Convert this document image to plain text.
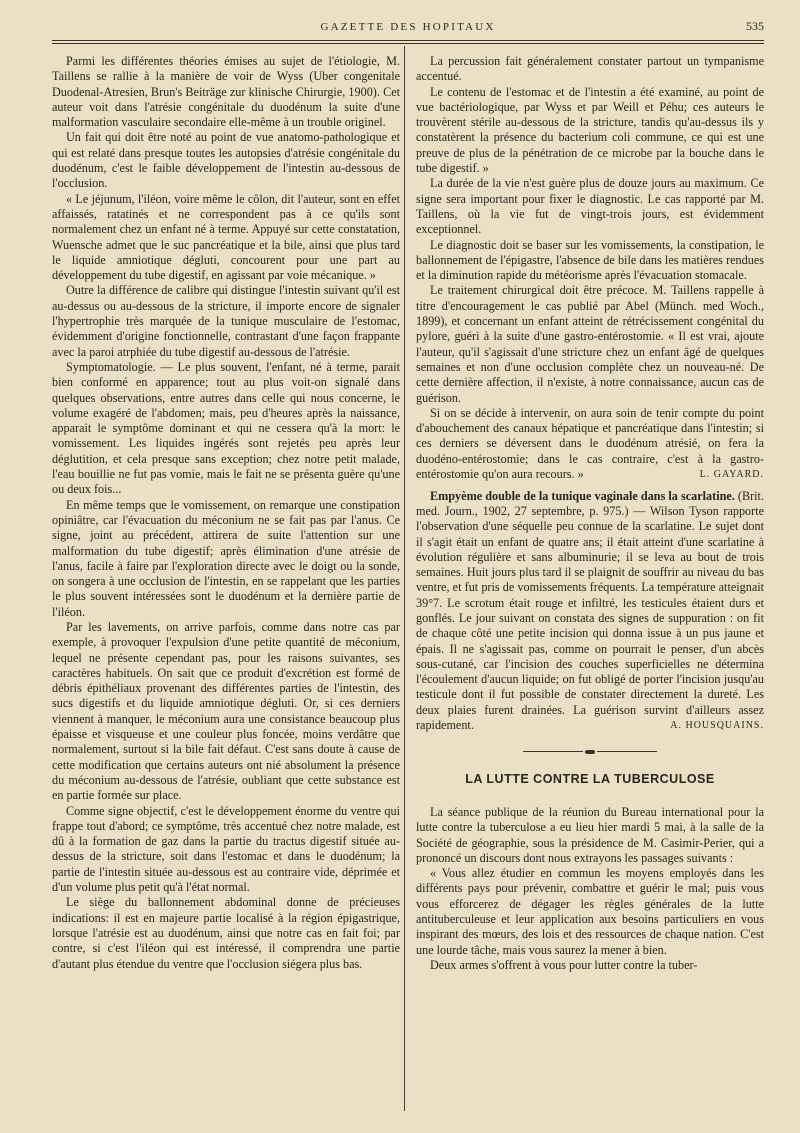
GAZETTE DES HOPITAUX	535

Parmi les différentes théories émises au sujet de l'étiologie, M. Taillens se rallie à la manière de voir de Wyss (Uber congenitale Duodenal-Atresien, Brun's Beiträge zur klinische Chirurgie, 1900). Cet auteur voit dans l'atrésie congénitale du duodénum la suite d'une malformation vasculaire secondaire elle-même à un trouble originel.

Un fait qui doit être noté au point de vue anatomo-pathologique et qui est relaté dans presque toutes les autopsies d'atrésie congénitale du duodénum, c'est le faible développement de l'intestin au-dessous de l'occlusion.

« Le jéjunum, l'iléon, voire même le côlon, dit l'auteur, sont en effet affaissés, ratatinés et ne correspondent pas à ce qu'ils sont normalement chez un enfant né à terme. Appuyé sur cette constatation, Wuensche admet que le suc pancréatique et la bile, ainsi que plus tard le liquide amniotique dégluti, concourent pour une part au développement du tube digestif, en agissant par voie mécanique. »

Outre la différence de calibre qui distingue l'intestin suivant qu'il est au-dessus ou au-dessous de la stricture, il importe encore de signaler l'hypertrophie très marquée de la tunique musculaire de l'estomac, évidemment d'origine fonctionnelle, contrastant d'une façon frappante avec la paroi atrphiée du tube digestif au-dessous de l'atrésie.

Symptomatologie. — Le plus souvent, l'enfant, né à terme, parait bien conformé en apparence; tout au plus voit-on signalé dans quelques observations, entre autres dans celle qui nous concerne, le volume exagéré de l'abdomen; mais, peu d'heures après la naissance, apparait le symptôme dominant et qui ne cessera qu'à la mort: le vomissement. Les liquides ingérés sont rejetés peu après leur déglutition, et cela presque sans exception; chez notre petit malade, l'eau bouillie ne fut pas vomie, mais le fait ne se présenta guère qu'une ou deux fois...

En même temps que le vomissement, on remarque une constipation opiniâtre, car l'évacuation du méconium ne se fait pas par l'anus. Ce signe, joint au précédent, attirera de suite l'attention sur une malformation du tube digestif; après élimination d'une atrésie de l'anus, facile à faire par l'exploration directe avec le doigt ou la sonde, on songera à une occlusion de l'intestin, en se rappelant que les parties le plus souvent intéressées sont le duodénum et la dernière partie de l'iléon.

Par les lavements, on arrive parfois, comme dans notre cas par exemple, à provoquer l'expulsion d'une petite quantité de méconium, lequel ne présente cependant pas, pour les raisons suivantes, ses caractères habituels. On sait que ce produit d'excrétion est formé de débris épithéliaux provenant des différentes parties de l'intestin, des sucs digestifs et du liquide amniotique dégluti. Or, si ces derniers viennent à manquer, le méconium aura une consistance beaucoup plus épaisse et visqueuse et une couleur plus foncée, moins verdâtre que normalement, surtout si la bile fait défaut. C'est sans doute à cause de cette modification que certains auteurs ont nié absolument la présence du méconium au-dessous de l'atrésie, oubliant que cette substance est en partie formée sur place.

Comme signe objectif, c'est le développement énorme du ventre qui frappe tout d'abord; ce symptôme, très accentué chez notre malade, est dû à la formation de gaz dans la partie du tractus digestif située au-dessus de la stricture, soit dans l'estomac et dans le duodénum; la partie de l'intestin située au-dessous est au contraire vide, déprimée et d'un volume plus petit qu'à l'état normal.

Le siège du ballonnement abdominal donne de précieuses indications: il est en majeure partie localisé à la région épigastrique, lorsque l'atrésie est au duodénum, ainsi que notre cas en fait foi; par contre, si c'est l'iléon qui est intéressé, il comprendra une partie d'autant plus étendue du ventre que l'occlusion siégera plus bas.

La percussion fait généralement constater partout un tympanisme accentué.

Le contenu de l'estomac et de l'intestin a été examiné, au point de vue bactériologique, par Wyss et par Weill et Péhu; ces auteurs le trouvèrent stérile au-dessous de la stricture, tandis qu'au-dessus ils y constatèrent la présence du bacterium coli commune, ce qui est une preuve de plus de la pénétration de ce microbe par la bouche dans le tube digestif. »

La durée de la vie n'est guère plus de douze jours au maximum. Ce signe sera important pour fixer le diagnostic. Le cas rapporté par M. Taillens, où la vie fut de vingt-trois jours, est évidemment exceptionnel.

Le diagnostic doit se baser sur les vomissements, la constipation, le ballonnement de l'épigastre, l'absence de bile dans les matières rendues et la diminution rapide du météorisme après l'évacuation stomacale.

Le traitement chirurgical doit être précoce. M. Taillens rappelle à titre d'encouragement le cas publié par Abel (Münch. med Woch., 1899), et concernant un enfant atteint de rétrécissement congénital du pylore, guéri à la suite d'une gastro-entérostomie. « Il est vrai, ajoute l'auteur, qu'il s'agissait d'une stricture chez un enfant âgé de quelques semaines et non d'une occlusion complète chez un nouveau-né. De cette dernière affection, il n'existe, à notre connaissance, aucun cas de guérison.

Si on se décide à intervenir, on aura soin de tenir compte du point d'abouchement des canaux hépatique et pancréatique dans l'intestin; si ces derniers se déversent dans le duodénum atrésié, on fera la duodéno-entérostomie; dans le cas contraire, c'est à la gastro-entérostomie qu'on aura recours. »	L. GAYARD.

Empyème double de la tunique vaginale dans la scarlatine. (Brit. med. Journ., 1902, 27 septembre, p. 975.) — Wilson Tyson rapporte l'observation d'une séquelle peu connue de la scarlatine. Le sujet dont il s'agit était un enfant de quatre ans; il était atteint d'une scarlatine à évolution régulière et sans albuminurie; il se leva au bout de trois semaines. Huit jours plus tard il se plaignit de souffrir au niveau du bas ventre, et fut pris de vomissements fréquents. La température atteignait 39°7. Le scrotum était rouge et infiltré, les testicules étaient durs et gonflés. Le jour suivant on constata des signes de suppuration : on fit de chaque côté une petite incision qui donna issue à un pus jaune et épais. Il ne s'agissait pas, comme on pourrait le penser, d'un abcès sous-cutané, car l'incision des couches superficielles ne détermina l'écoulement d'aucun liquide; on fut obligé de porter l'incision jusqu'au testicule dont il fut possible de constater directement la dureté. Les deux plaies furent drainées. La guérison survint d'ailleurs assez rapidement.	A. HOUSQUAINS.
LA LUTTE CONTRE LA TUBERCULOSE

La séance publique de la réunion du Bureau international pour la lutte contre la tuberculose a eu lieu hier mardi 5 mai, à la salle de la Société de géographie, sous la présidence de M. Casimir-Perier, qui a prononcé un discours dont nous extrayons les passages suivants :

« Vous allez étudier en commun les moyens employés dans les différents pays pour prévenir, combattre et guérir le mal; puis vous vous efforcerez de dégager les règles générales de la lutte antituberculeuse et leur application aux besoins particuliers en vous inspirant des mœurs, des lois et des ressources de chaque nation. C'est une lourde tâche, mais vous saurez la mener à bien.

Deux armes s'offrent à vous pour lutter contre la tuber-
